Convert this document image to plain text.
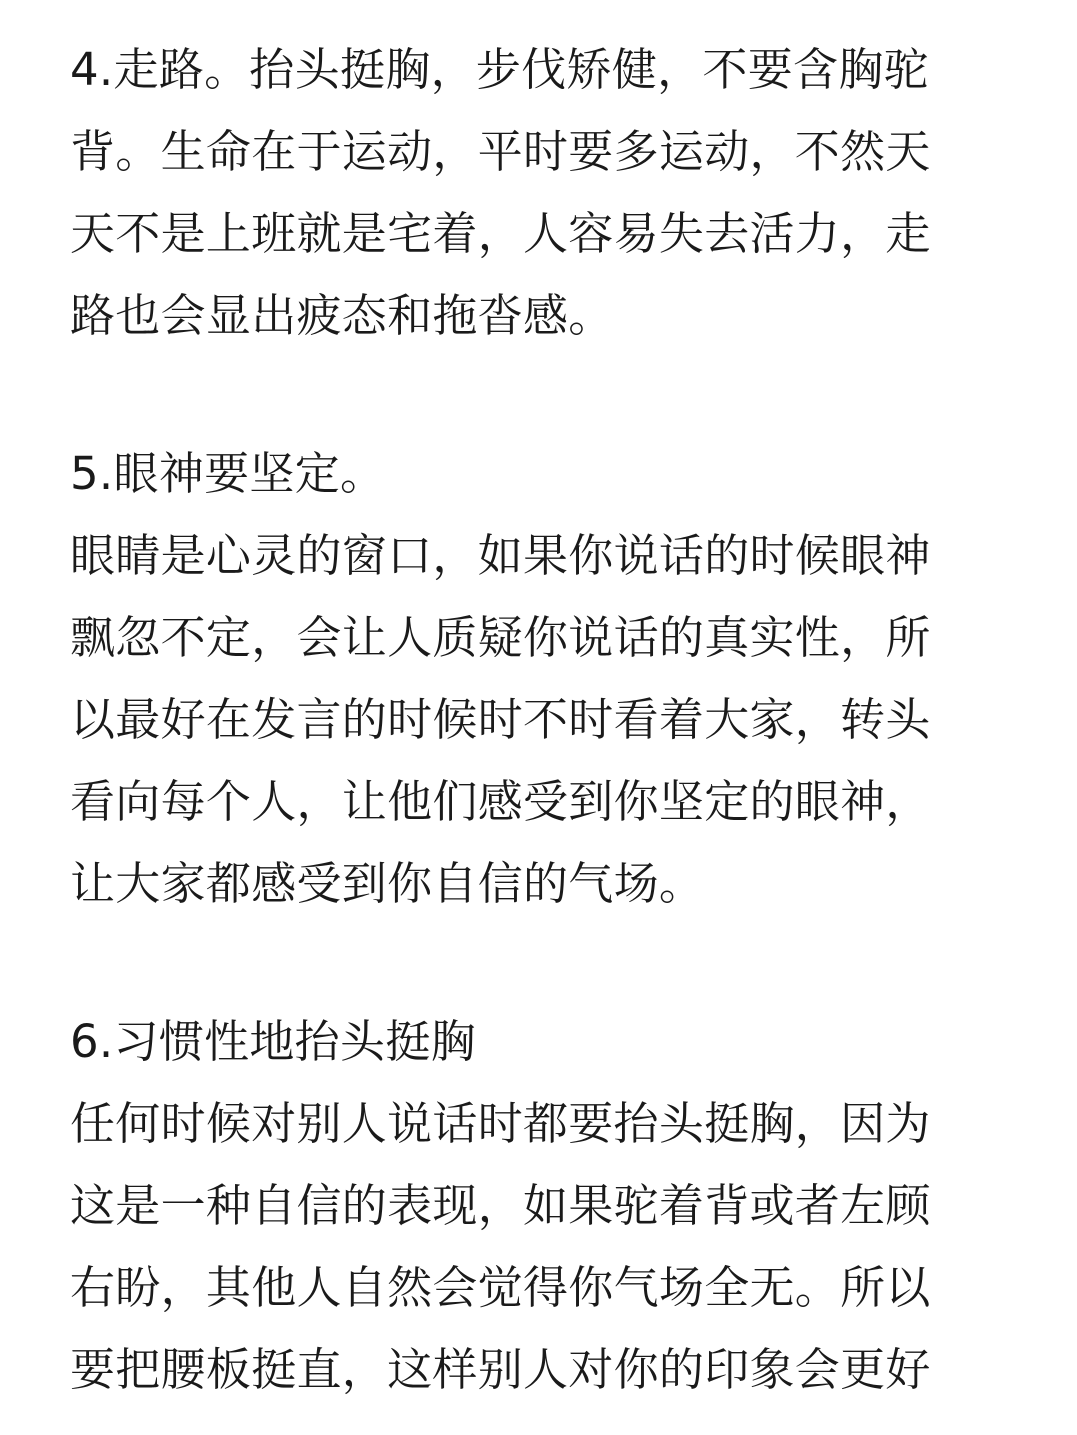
4.走路。抬头挺胸，步伐矫健，不要含胸驼

背。生命在于运动，平时要多运动，不然天

天不是上班就是宅着，人容易失去活力，走

路也会显出疲态和拖沓感。

5.眼神要坚定。

眼睛是心灵的窗口，如果你说话的时候眼神

飘忽不定，会让人质疑你说话的真实性，所

以最好在发言的时候时不时看着大家，转头

看向每个人，让他们感受到你坚定的眼神，

让大家都感受到你自信的气场。

6.习惯性地抬头挺胸

任何时候对别人说话时都要抬头挺胸，因为

这是一种自信的表现，如果驼着背或者左顾

右盼，其他人自然会觉得你气场全无。所以

要把腰板挺直，这样别人对你的印象会更好
